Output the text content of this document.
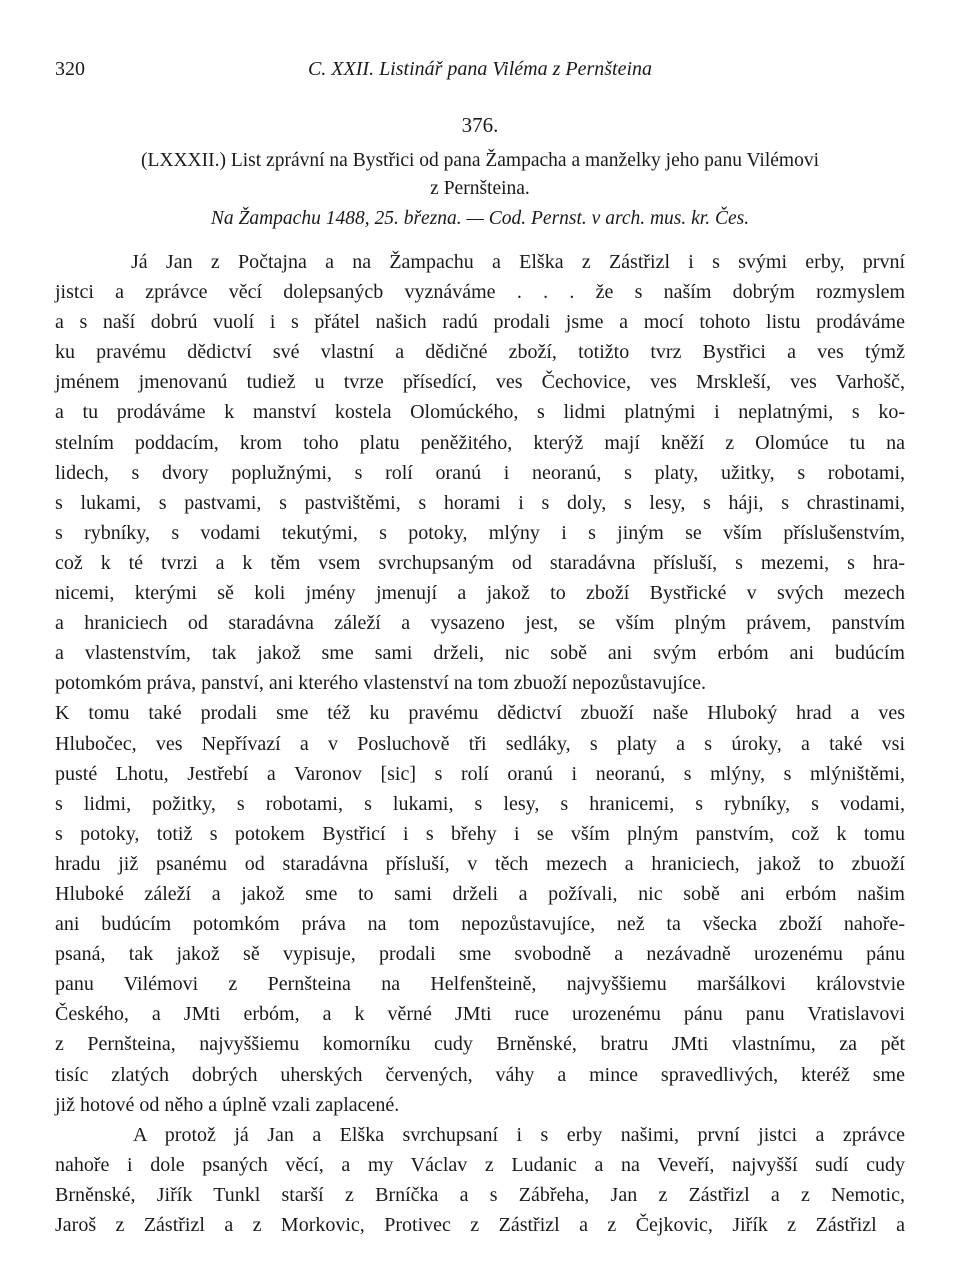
320	C. XXII. Listinář pana Viléma z Pernšteina
376.
(LXXXII.) List zprávní na Bystřici od pana Žampacha a manželky jeho panu Vilémovi
z Pernšteina.
Na Žampachu 1488, 25. března. — Cod. Pernst. v arch. mus. kr. Čes.
Já Jan z Počtajna a na Žampachu a Elška z Zástřizl i s svými erby, první
jistci a zprávce věcí dolepsanýcb vyznáváme . . . že s naším dobrým rozmyslem
a s naší dobrú vuolí i s přátel našich radú prodali jsme a mocí tohoto listu prodáváme
ku pravému dědictví své vlastní a dědičné zboží, totižto tvrz Bystřici a ves týmž
jménem jmenovanú tudiež u tvrze přísedící, ves Čechovice, ves Mrskleší, ves Varhošč,
a tu prodáváme k manství kostela Olomúckého, s lidmi platnými i neplatnými, s ko-
stelním poddacím, krom toho platu peněžitého, kterýž mají kněží z Olomúce tu na
lidech, s dvory poplužnými, s rolí oranú i neoranú, s platy, užitky, s robotami,
s lukami, s pastvami, s pastvištěmi, s horami i s doly, s lesy, s háji, s chrastinami,
s rybníky, s vodami tekutými, s potoky, mlýny i s jiným se vším příslušenstvím,
což k té tvrzi a k těm vsem svrchupsaným od staradávna přísluší, s mezemi, s hra-
nicemi, kterými sě koli jmény jmenují a jakož to zboží Bystřické v svých mezech
a hraniciech od staradávna záleží a vysazeno jest, se vším plným právem, panstvím
a vlastenstvím, tak jakož sme sami drželi, nic sobě ani svým erbóm ani budúcím
potomkóm práva, panství, ani kterého vlastenství na tom zbuoží nepozůstavujíce.
K tomu také prodali sme též ku pravému dědictví zbuoží naše Hluboký hrad a ves
Hlubočec, ves Nepřívazí a v Posluchově tři sedláky, s platy a s úroky, a také vsi
pusté Lhotu, Jestřebí a Varonov [sic] s rolí oranú i neoranú, s mlýny, s mlýništěmi,
s lidmi, požitky, s robotami, s lukami, s lesy, s hranicemi, s rybníky, s vodami,
s potoky, totiž s potokem Bystřicí i s břehy i se vším plným panstvím, což k tomu
hradu již psanému od staradávna přísluší, v těch mezech a hraniciech, jakož to zbuoží
Hluboké záleží a jakož sme to sami drželi a požívali, nic sobě ani erbóm našim
ani budúcím potomkóm práva na tom nepozůstavujíce, než ta všecka zboží nahoře-
psaná, tak jakož sě vypisuje, prodali sme svobodně a nezávadně urozenému pánu
panu Vilémovi z Pernšteina na Helfenšteině, najvyššiemu maršálkovi královstvie
Českého, a JMti erbóm, a k věrné JMti ruce urozenému pánu panu Vratislavovi
z Pernšteina, najvyššiemu komorníku cudy Brněnské, bratru JMti vlastnímu, za pět
tisíc zlatých dobrých uherských červených, váhy a mince spravedlivých, kteréž sme
již hotové od něho a úplně vzali zaplacené.
A protož já Jan a Elška svrchupsaní i s erby našimi, první jistci a zprávce
nahoře i dole psaných věcí, a my Václav z Ludanic a na Veveří, najvyšší sudí cudy
Brněnské, Jiřík Tunkl starší z Brníčka a s Zábřeha, Jan z Zástřizl a z Nemotic,
Jaroš z Zástřizl a z Morkovic, Protivec z Zástřizl a z Čejkovic, Jiřík z Zástřizl a
